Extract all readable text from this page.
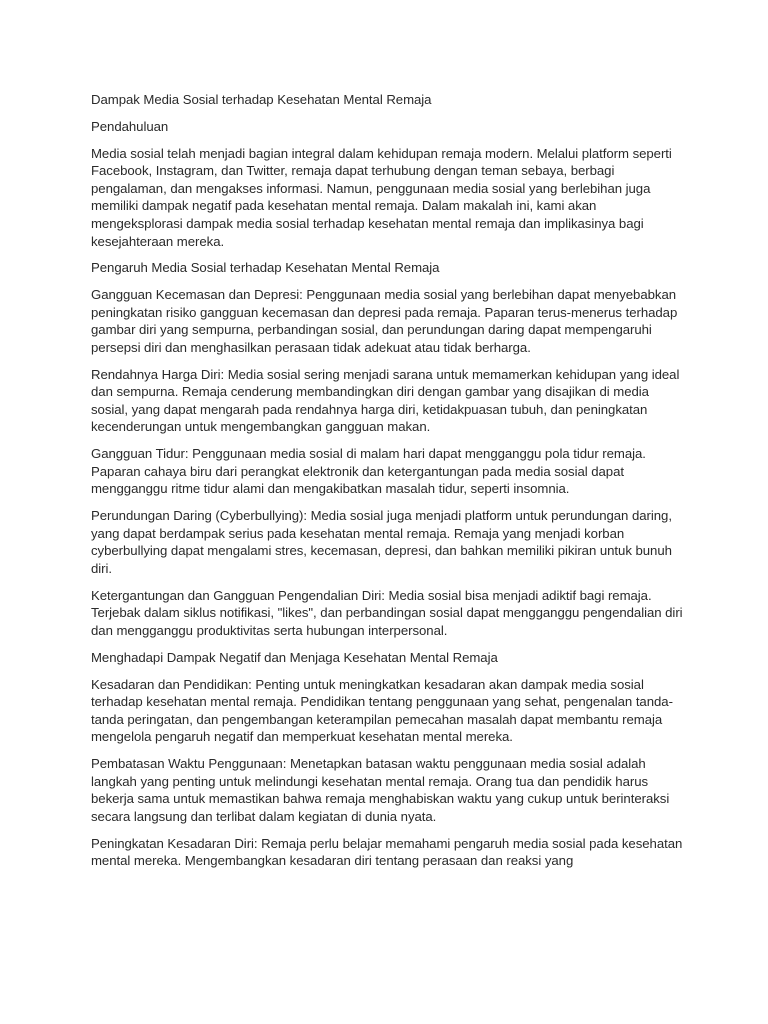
Dampak Media Sosial terhadap Kesehatan Mental Remaja

Pendahuluan

Media sosial telah menjadi bagian integral dalam kehidupan remaja modern. Melalui platform seperti Facebook, Instagram, dan Twitter, remaja dapat terhubung dengan teman sebaya, berbagi pengalaman, dan mengakses informasi. Namun, penggunaan media sosial yang berlebihan juga memiliki dampak negatif pada kesehatan mental remaja. Dalam makalah ini, kami akan mengeksplorasi dampak media sosial terhadap kesehatan mental remaja dan implikasinya bagi kesejahteraan mereka.

Pengaruh Media Sosial terhadap Kesehatan Mental Remaja

Gangguan Kecemasan dan Depresi: Penggunaan media sosial yang berlebihan dapat menyebabkan peningkatan risiko gangguan kecemasan dan depresi pada remaja. Paparan terus-menerus terhadap gambar diri yang sempurna, perbandingan sosial, dan perundungan daring dapat mempengaruhi persepsi diri dan menghasilkan perasaan tidak adekuat atau tidak berharga.

Rendahnya Harga Diri: Media sosial sering menjadi sarana untuk memamerkan kehidupan yang ideal dan sempurna. Remaja cenderung membandingkan diri dengan gambar yang disajikan di media sosial, yang dapat mengarah pada rendahnya harga diri, ketidakpuasan tubuh, dan peningkatan kecenderungan untuk mengembangkan gangguan makan.

Gangguan Tidur: Penggunaan media sosial di malam hari dapat mengganggu pola tidur remaja. Paparan cahaya biru dari perangkat elektronik dan ketergantungan pada media sosial dapat mengganggu ritme tidur alami dan mengakibatkan masalah tidur, seperti insomnia.

Perundungan Daring (Cyberbullying): Media sosial juga menjadi platform untuk perundungan daring, yang dapat berdampak serius pada kesehatan mental remaja. Remaja yang menjadi korban cyberbullying dapat mengalami stres, kecemasan, depresi, dan bahkan memiliki pikiran untuk bunuh diri.

Ketergantungan dan Gangguan Pengendalian Diri: Media sosial bisa menjadi adiktif bagi remaja. Terjebak dalam siklus notifikasi, "likes", dan perbandingan sosial dapat mengganggu pengendalian diri dan mengganggu produktivitas serta hubungan interpersonal.

Menghadapi Dampak Negatif dan Menjaga Kesehatan Mental Remaja

Kesadaran dan Pendidikan: Penting untuk meningkatkan kesadaran akan dampak media sosial terhadap kesehatan mental remaja. Pendidikan tentang penggunaan yang sehat, pengenalan tanda-tanda peringatan, dan pengembangan keterampilan pemecahan masalah dapat membantu remaja mengelola pengaruh negatif dan memperkuat kesehatan mental mereka.

Pembatasan Waktu Penggunaan: Menetapkan batasan waktu penggunaan media sosial adalah langkah yang penting untuk melindungi kesehatan mental remaja. Orang tua dan pendidik harus bekerja sama untuk memastikan bahwa remaja menghabiskan waktu yang cukup untuk berinteraksi secara langsung dan terlibat dalam kegiatan di dunia nyata.

Peningkatan Kesadaran Diri: Remaja perlu belajar memahami pengaruh media sosial pada kesehatan mental mereka. Mengembangkan kesadaran diri tentang perasaan dan reaksi yang
